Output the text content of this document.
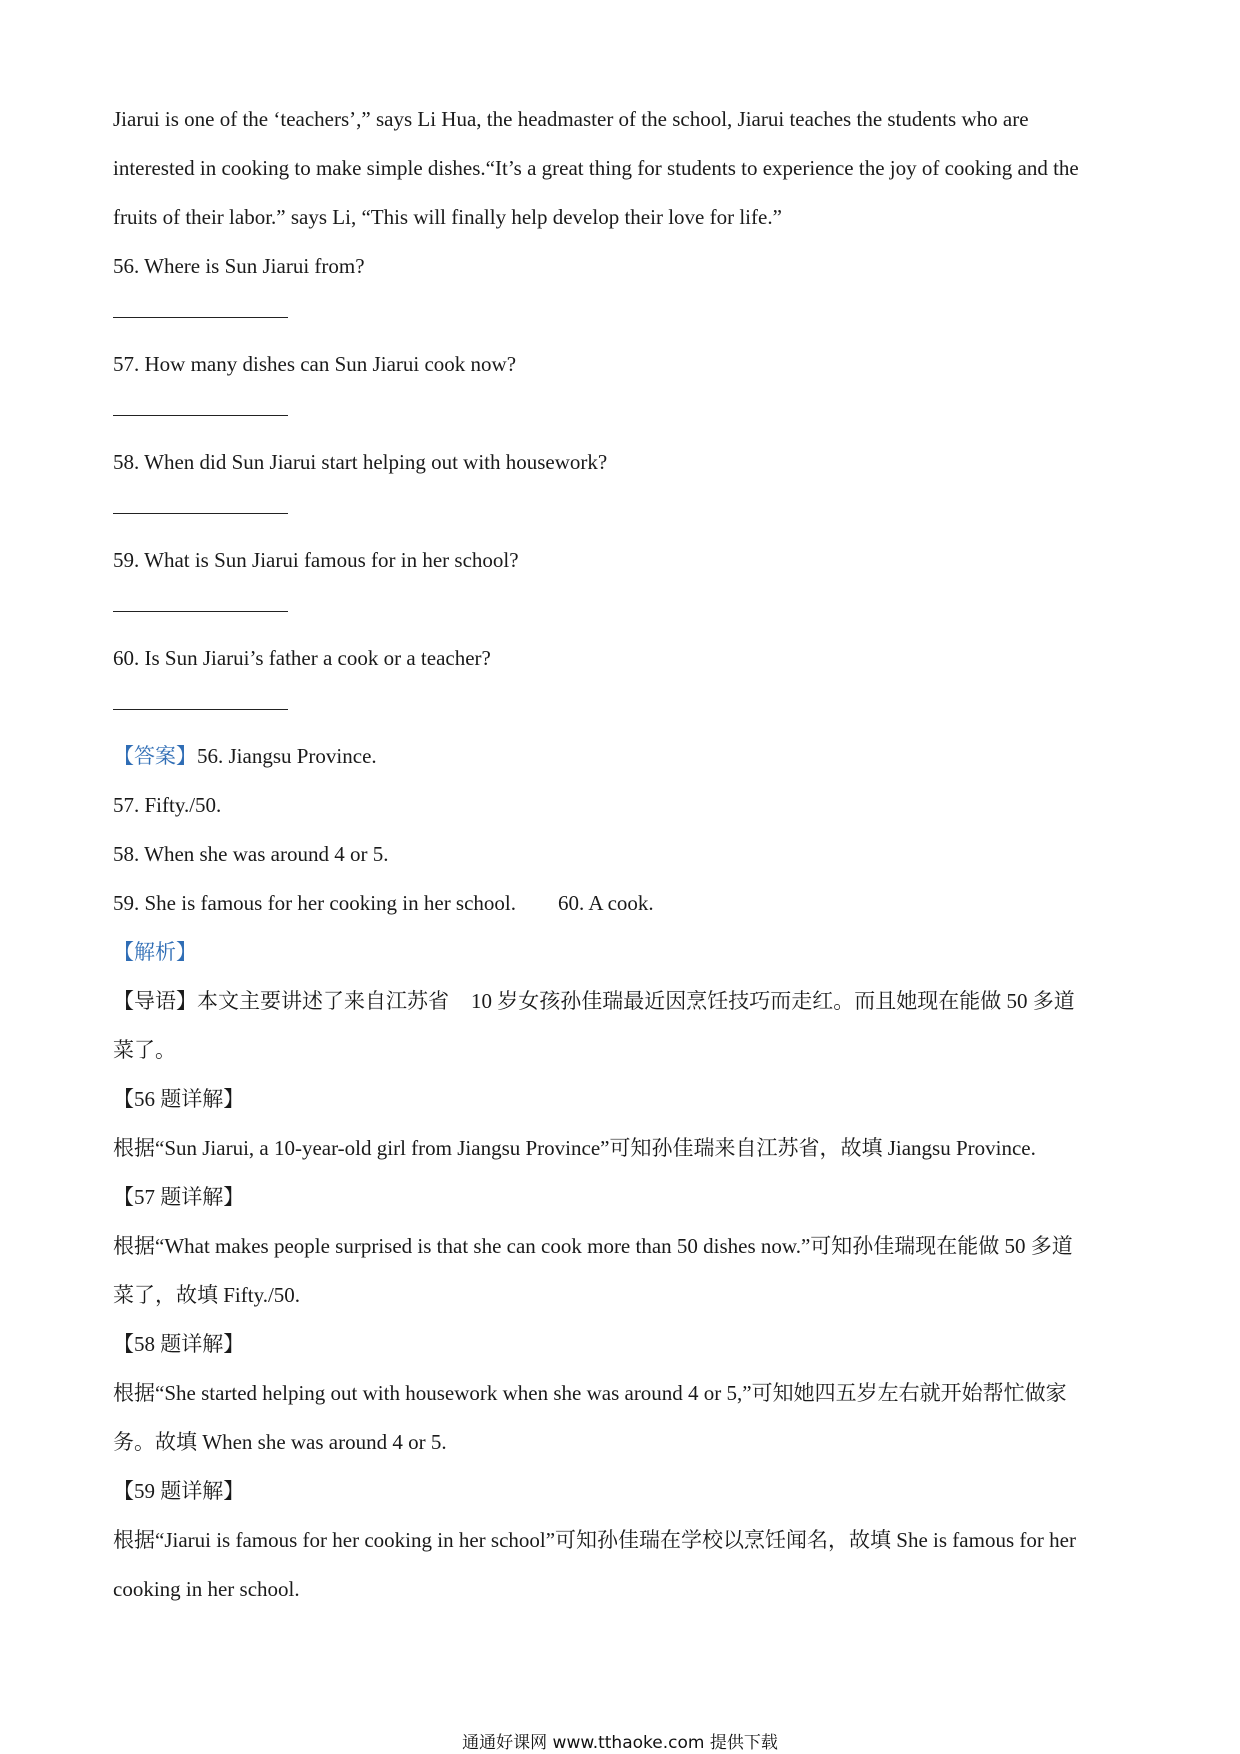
Jiarui is one of the ‘teachers’,” says Li Hua, the headmaster of the school, Jiarui teaches the students who are
interested in cooking to make simple dishes.“It’s a great thing for students to experience the joy of cooking and the
fruits of their labor.” says Li, “This will finally help develop their love for life.”
56. Where is Sun Jiarui from?
57. How many dishes can Sun Jiarui cook now?
58. When did Sun Jiarui start helping out with housework?
59. What is Sun Jiarui famous for in her school?
60. Is Sun Jiarui’s father a cook or a teacher?
【答案】56. Jiangsu Province.
57. Fifty./50.
58. When she was around 4 or 5.
59. She is famous for her cooking in her school. 60. A cook.
【解析】
【导语】本文主要讲述了来自江苏省 10 岁女孩孙佳瑞最近因烹饪技巧而走红。而且她现在能做 50 多道
菜了。
【56 题详解】
根据“Sun Jiarui, a 10-year-old girl from Jiangsu Province”可知孙佳瑞来自江苏省，故填 Jiangsu Province.
【57 题详解】
根据“What makes people surprised is that she can cook more than 50 dishes now.”可知孙佳瑞现在能做 50 多道
菜了，故填 Fifty./50.
【58 题详解】
根据“She started helping out with housework when she was around 4 or 5,”可知她四五岁左右就开始帮忙做家
务。故填 When she was around 4 or 5.
【59 题详解】
根据“Jiarui is famous for her cooking in her school”可知孙佳瑞在学校以烹饪闻名，故填 She is famous for her
cooking in her school.
通通好课网 www.tthaoke.com 提供下载
